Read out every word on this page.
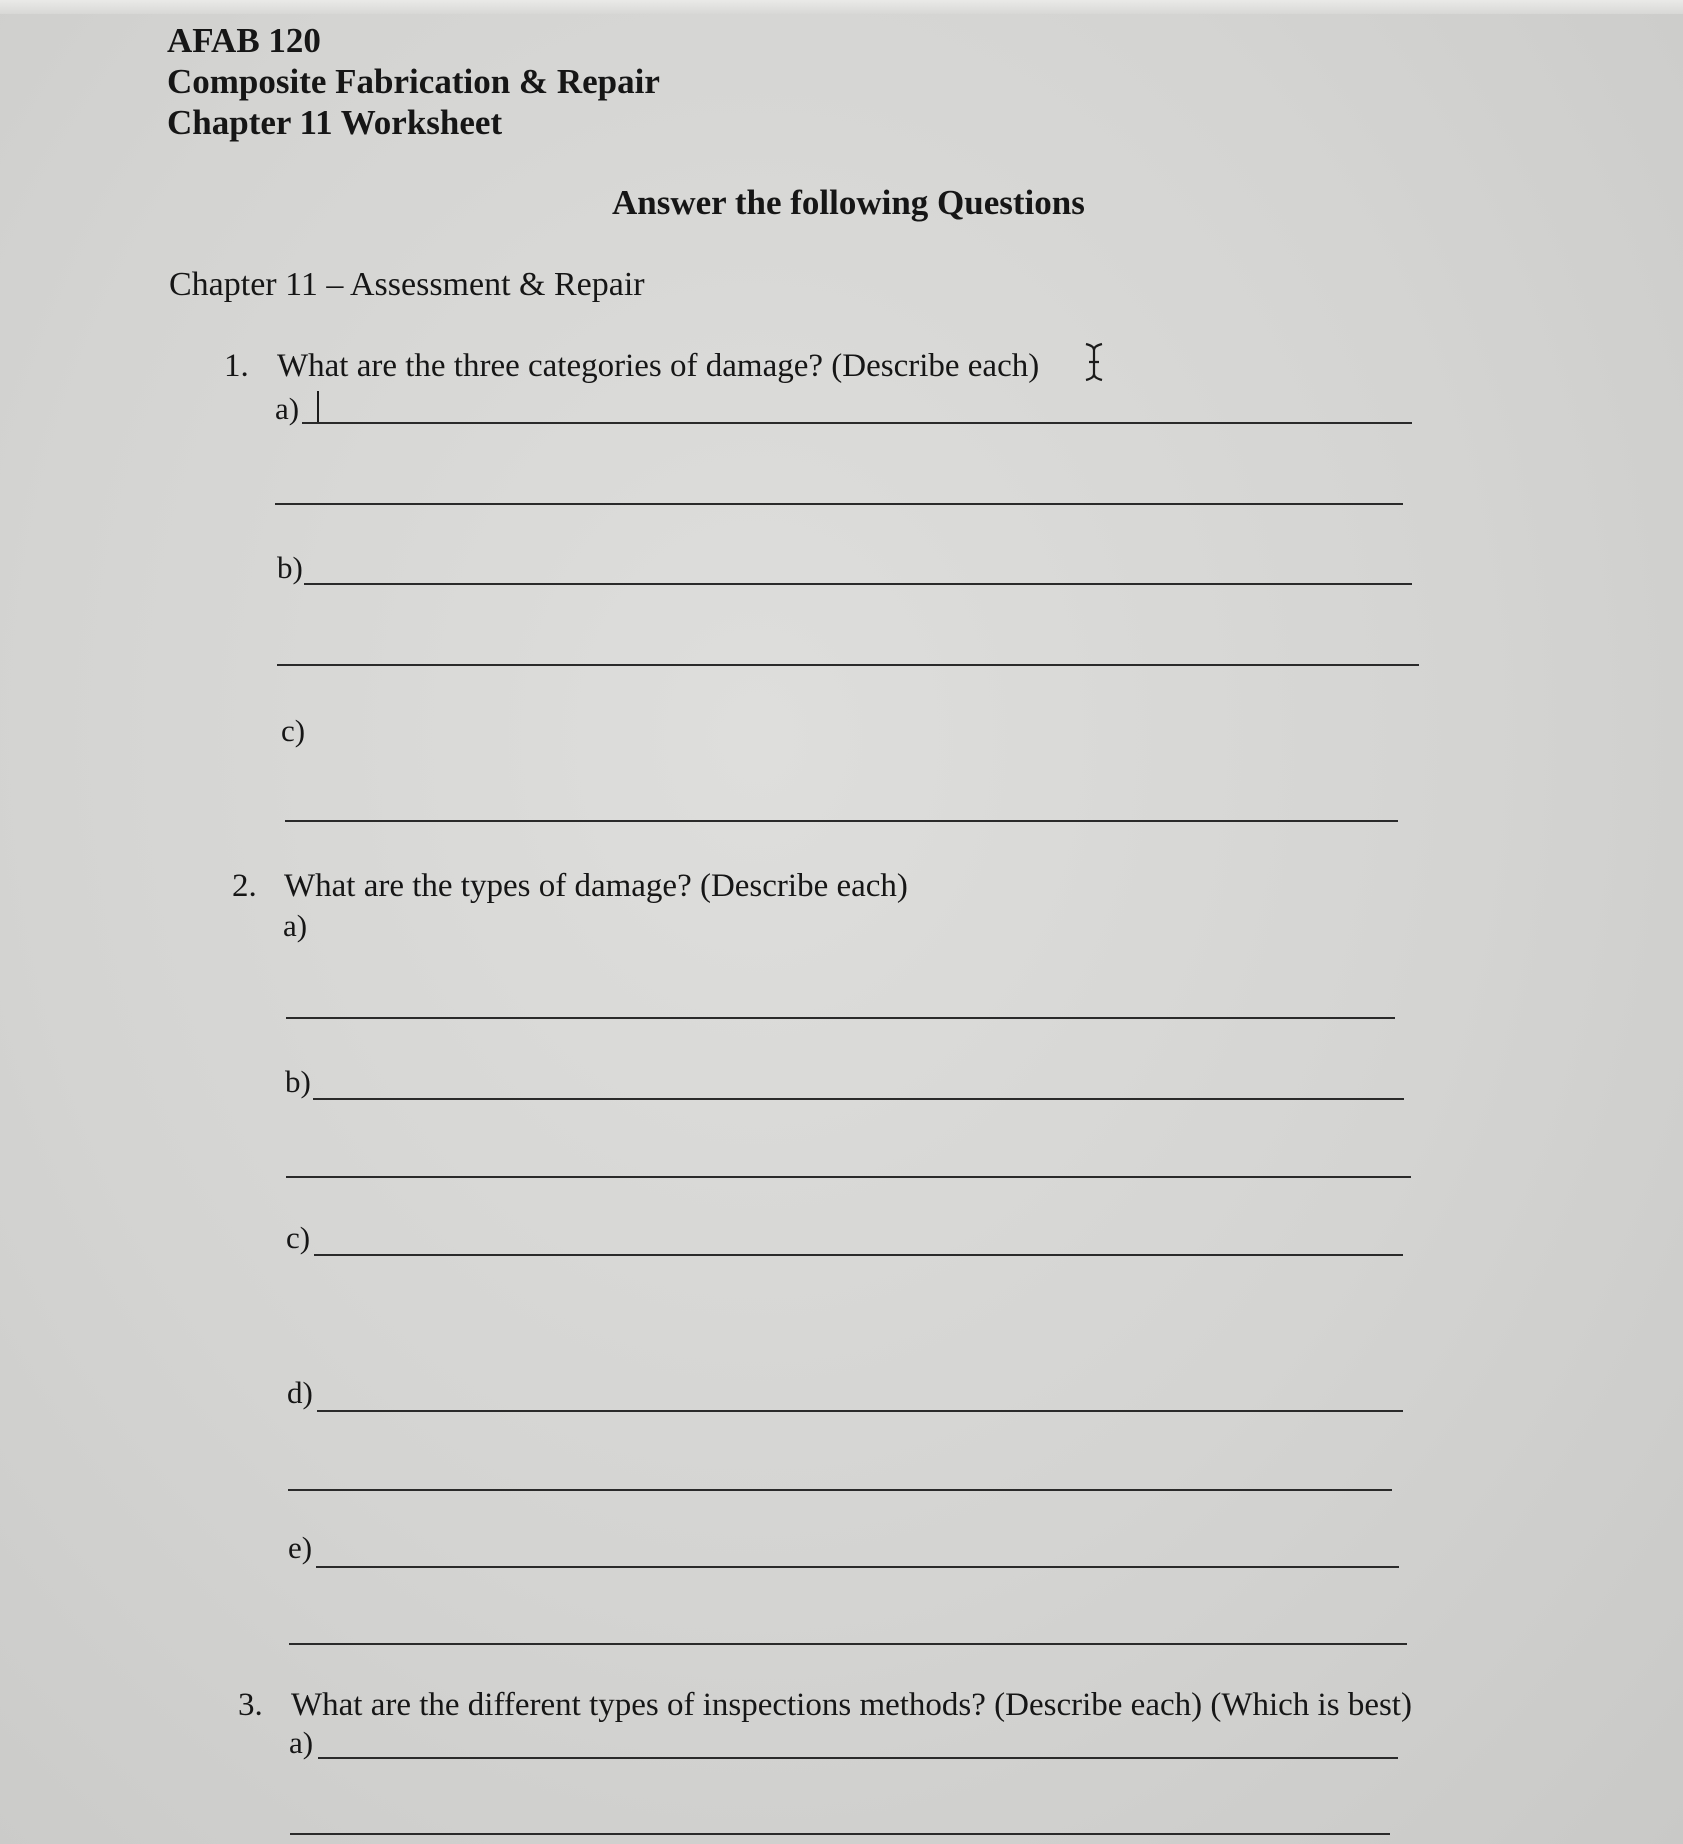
AFAB 120
Composite Fabrication & Repair
Chapter 11 Worksheet
Answer the following Questions
Chapter 11 – Assessment & Repair
1. What are the three categories of damage? (Describe each)
a)
b)
c)
2. What are the types of damage? (Describe each)
a)
b)
c)
d)
e)
3. What are the different types of inspections methods? (Describe each) (Which is best)
a)
